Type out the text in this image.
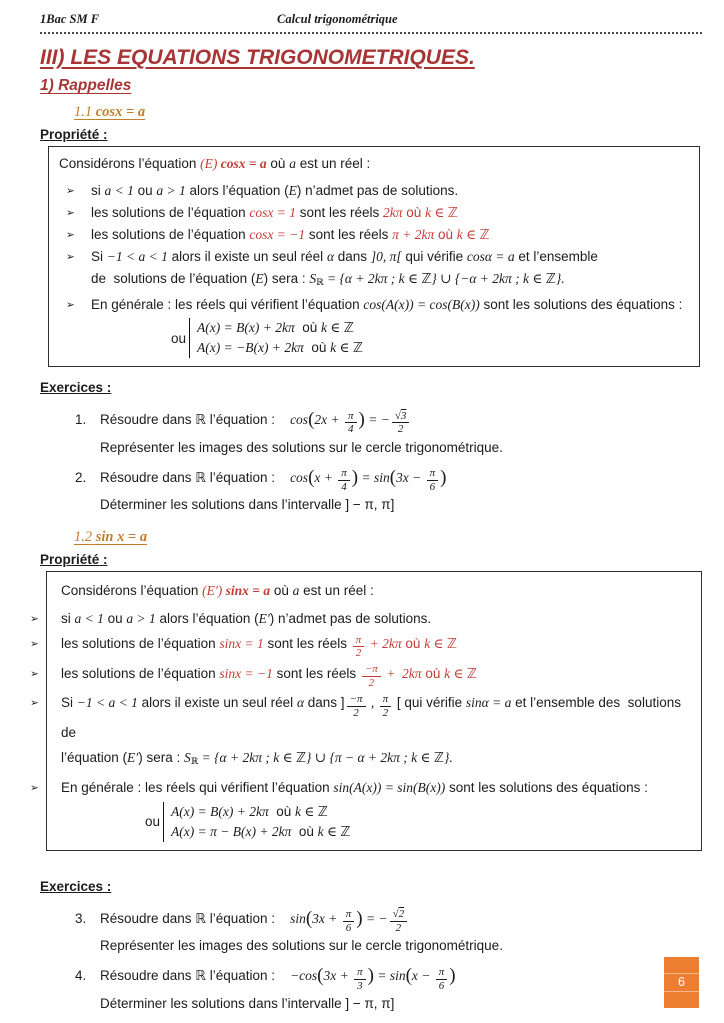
1Bac SM F	Calcul trigonométrique
III) LES EQUATIONS TRIGONOMETRIQUES.
1) Rappelles
1.1 cosx = a
Propriété :
Considérons l’équation (E) cosx = a où a est un réel :
➢ si a < 1 ou a > 1 alors l’équation (E) n’admet pas de solutions.
➢ les solutions de l’équation cosx = 1 sont les réels 2kπ où k ∈ ℤ
➢ les solutions de l’équation cosx = −1 sont les réels π + 2kπ où k ∈ ℤ
➢ Si −1 < a < 1 alors il existe un seul réel α dans ]0, π[ qui vérifie cosα = a et l’ensemble
de  solutions de l’équation (E) sera : Sℝ = {α + 2kπ ; k ∈ ℤ} ∪ {−α + 2kπ ; k ∈ ℤ}.
➢ En générale : les réels qui vérifient l’équation cos(A(x)) = cos(B(x)) sont les solutions des équations :
ou
A(x) = B(x) + 2kπ  où k ∈ ℤ
A(x) = −B(x) + 2kπ  où k ∈ ℤ
Exercices :
1. Résoudre dans ℝ l’équation :    $\cos(2x + \frac{\pi}{4}$ ) = − $\frac{√3}{2}$
Représenter les images des solutions sur le cercle trigonométrique.
2. Résoudre dans ℝ l’équation :    $\cos(x + \frac{\pi}{4}$ ) = $\sin(3x - \frac{\pi}{6}$ )
Déterminer les solutions dans l’intervalle ] − π, π]
1.2 sin x = a
Propriété :
Considérons l’équation (E′) sinx = a où a est un réel :
➢ si a < 1 ou a > 1 alors l’équation (E′) n’admet pas de solutions.
➢ les solutions de l’équation sinx = 1 sont les réels $\frac{\pi}{2} + 2k\pi$ où k ∈ ℤ
➢ les solutions de l’équation sinx = −1 sont les réels $\frac{-\pi}{2} + 2k\pi$ où k ∈ ℤ
➢ Si −1 < a < 1 alors il existe un seul réel α dans ] $\frac{-\pi}{2}$ , $\frac{\pi}{2}$ [ qui vérifie sinα = a et l’ensemble des  solutions de
l’équation (E′) sera : Sℝ = {α + 2kπ ; k ∈ ℤ} ∪ {π − α + 2kπ ; k ∈ ℤ}.
➢ En générale : les réels qui vérifient l’équation sin(A(x)) = sin(B(x)) sont les solutions des équations :
ou
A(x) = B(x) + 2kπ  où k ∈ ℤ
A(x) = π − B(x) + 2kπ  où k ∈ ℤ
Exercices :
3. Résoudre dans ℝ l’équation :    $\sin(3x + \frac{\pi}{6}$ ) = − $\frac{√2}{2}$
Représenter les images des solutions sur le cercle trigonométrique.
4. Résoudre dans ℝ l’équation :    $-\cos(3x + \frac{\pi}{3}$ ) = $\sin(x - \frac{\pi}{6}$ )
Déterminer les solutions dans l’intervalle ] − π, π]
6
